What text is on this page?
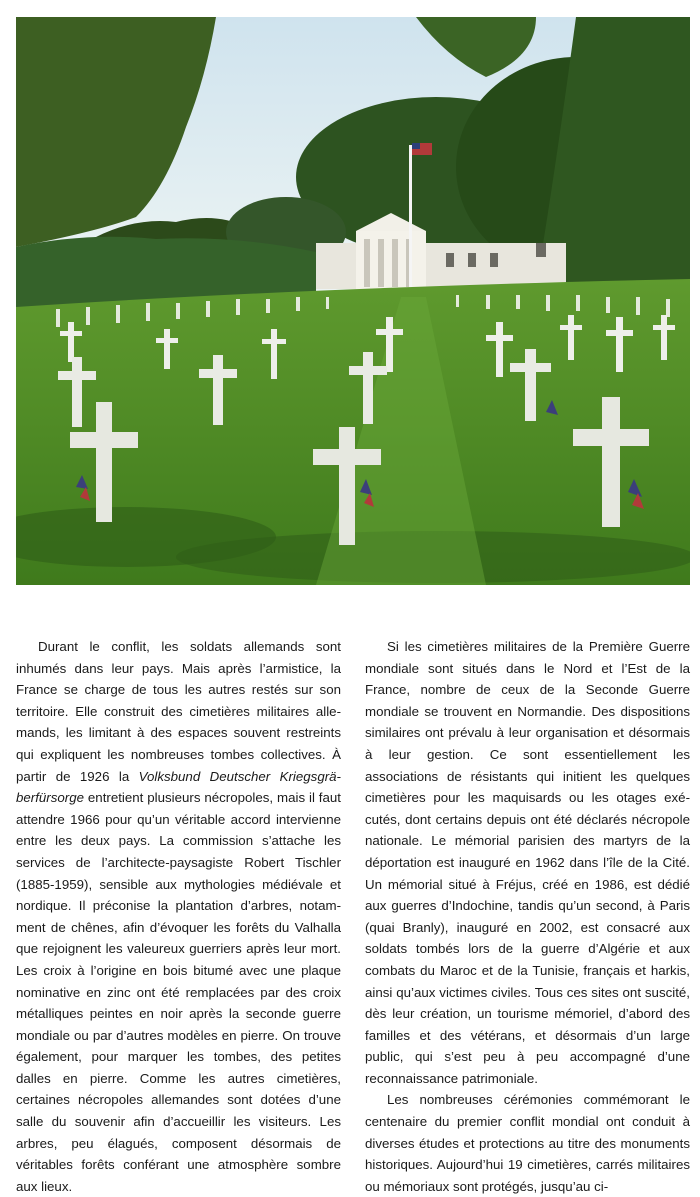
Durant le conflit, les soldats allemands sont inhumés dans leur pays. Mais après l’armistice, la France se charge de tous les autres restés sur son territoire. Elle construit des cimetières militaires allemands, les limitant à des espaces souvent restreints qui expliquent les nombreuses tombes collectives. À partir de 1926 la Volksbund Deutscher Kriegsgräberfürsorge entretient plusieurs nécropoles, mais il faut attendre 1966 pour qu’un véritable accord intervienne entre les deux pays. La commission s’attache les services de l’architecte-paysagiste Robert Tischler (1885-1959), sensible aux mythologies médiévale et nordique. Il préconise la plantation d’arbres, notamment de chênes, afin d’évoquer les forêts du Valhalla que rejoignent les valeureux guerriers après leur mort. Les croix à l’origine en bois bitumé avec une plaque nominative en zinc ont été remplacées par des croix métalliques peintes en noir après la seconde guerre mondiale ou par d’autres modèles en pierre. On trouve également, pour marquer les tombes, des petites dalles en pierre. Comme les autres cimetières, certaines nécropoles allemandes sont dotées d’une salle du souvenir afin d’accueillir les visiteurs. Les arbres, peu élagués, composent désormais de véritables forêts conférant une atmosphère sombre aux lieux.

Si les cimetières militaires de la Première Guerre mondiale sont situés dans le Nord et l’Est de la France, nombre de ceux de la Seconde Guerre mondiale se trouvent en Normandie. Des dispositions similaires ont prévalu à leur organisation et désormais à leur gestion. Ce sont essentiellement les associations de résistants qui initient les quelques cimetières pour les maquisards ou les otages exécutés, dont certains depuis ont été déclarés nécropole nationale. Le mémorial parisien des martyrs de la déportation est inauguré en 1962 dans l’île de la Cité. Un mémorial situé à Fréjus, créé en 1986, est dédié aux guerres d’Indochine, tandis qu’un second, à Paris (quai Branly), inauguré en 2002, est consacré aux soldats tombés lors de la guerre d’Algérie et aux combats du Maroc et de la Tunisie, français et harkis, ainsi qu’aux victimes civiles. Tous ces sites ont suscité, dès leur création, un tourisme mémoriel, d’abord des familles et des vétérans, et désormais d’un large public, qui s’est peu à peu accompagné d’une reconnaissance patrimoniale.

Les nombreuses cérémonies commémorant le centenaire du premier conflit mondial ont conduit à diverses études et protections au titre des monuments historiques. Aujourd’hui 19 cimetières, carrés militaires ou mémoriaux sont protégés, jusqu’au ci-
